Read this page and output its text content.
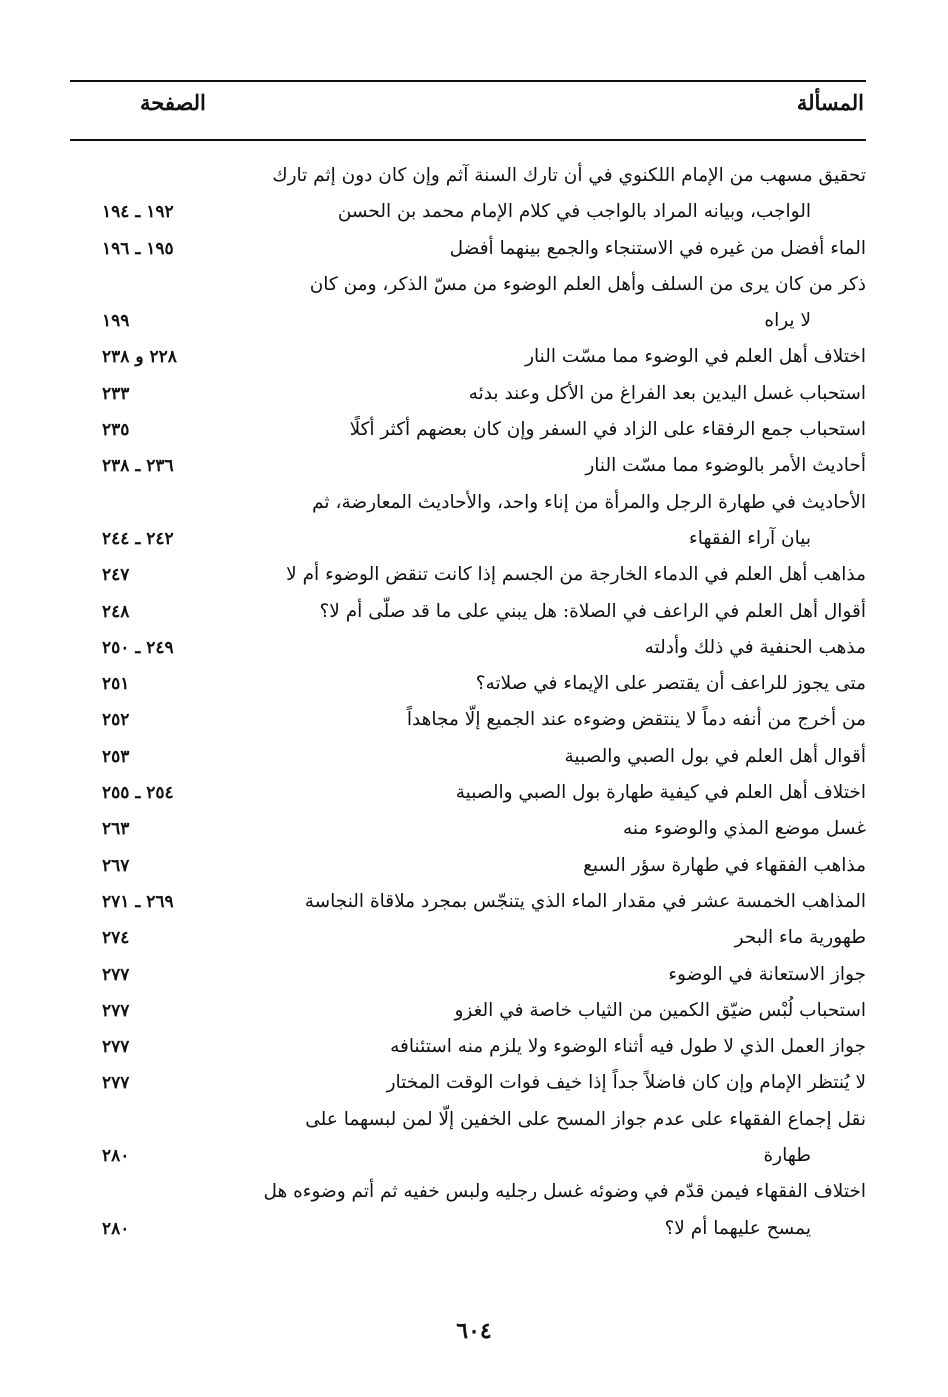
المسألة
الصفحة
تحقيق مسهب من الإمام اللكنوي في أن تارك السنة آثم وإن كان دون إثم تارك
الواجب، وبيانه المراد بالواجب في كلام الإمام محمد بن الحسن
١٩٢ ـ ١٩٤
الماء أفضل من غيره في الاستنجاء والجمع بينهما أفضل
١٩٥ ـ ١٩٦
ذكر من كان يرى من السلف وأهل العلم الوضوء من مسّ الذكر، ومن كان
لا يراه
١٩٩
اختلاف أهل العلم في الوضوء مما مسّت النار
٢٢٨ و ٢٣٨
استحباب غسل اليدين بعد الفراغ من الأكل وعند بدئه
٢٣٣
استحباب جمع الرفقاء على الزاد في السفر وإن كان بعضهم أكثر أكلًا
٢٣٥
أحاديث الأمر بالوضوء مما مسّت النار
٢٣٦ ـ ٢٣٨
الأحاديث في طهارة الرجل والمرأة من إناء واحد، والأحاديث المعارضة، ثم
بيان آراء الفقهاء
٢٤٢ ـ ٢٤٤
مذاهب أهل العلم في الدماء الخارجة من الجسم إذا كانت تنقض الوضوء أم لا
٢٤٧
أقوال أهل العلم في الراعف في الصلاة: هل يبني على ما قد صلّى أم لا؟
٢٤٨
مذهب الحنفية في ذلك وأدلته
٢٤٩ ـ ٢٥٠
متى يجوز للراعف أن يقتصر على الإيماء في صلاته؟
٢٥١
من أخرج من أنفه دماً لا ينتقض وضوءه عند الجميع إلّا مجاهداً
٢٥٢
أقوال أهل العلم في بول الصبي والصبية
٢٥٣
اختلاف أهل العلم في كيفية طهارة بول الصبي والصبية
٢٥٤ ـ ٢٥٥
غسل موضع المذي والوضوء منه
٢٦٣
مذاهب الفقهاء في طهارة سؤر السبع
٢٦٧
المذاهب الخمسة عشر في مقدار الماء الذي يتنجّس بمجرد ملاقاة النجاسة
٢٦٩ ـ ٢٧١
طهورية ماء البحر
٢٧٤
جواز الاستعانة في الوضوء
٢٧٧
استحباب لُبْس ضيّق الكمين من الثياب خاصة في الغزو
٢٧٧
جواز العمل الذي لا طول فيه أثناء الوضوء ولا يلزم منه استئنافه
٢٧٧
لا يُنتظر الإمام وإن كان فاضلاً جداً إذا خيف فوات الوقت المختار
٢٧٧
نقل إجماع الفقهاء على عدم جواز المسح على الخفين إلّا لمن لبسهما على
طهارة
٢٨٠
اختلاف الفقهاء فيمن قدّم في وضوئه غسل رجليه ولبس خفيه ثم أتم وضوءه هل
يمسح عليهما أم لا؟
٢٨٠
٦٠٤
